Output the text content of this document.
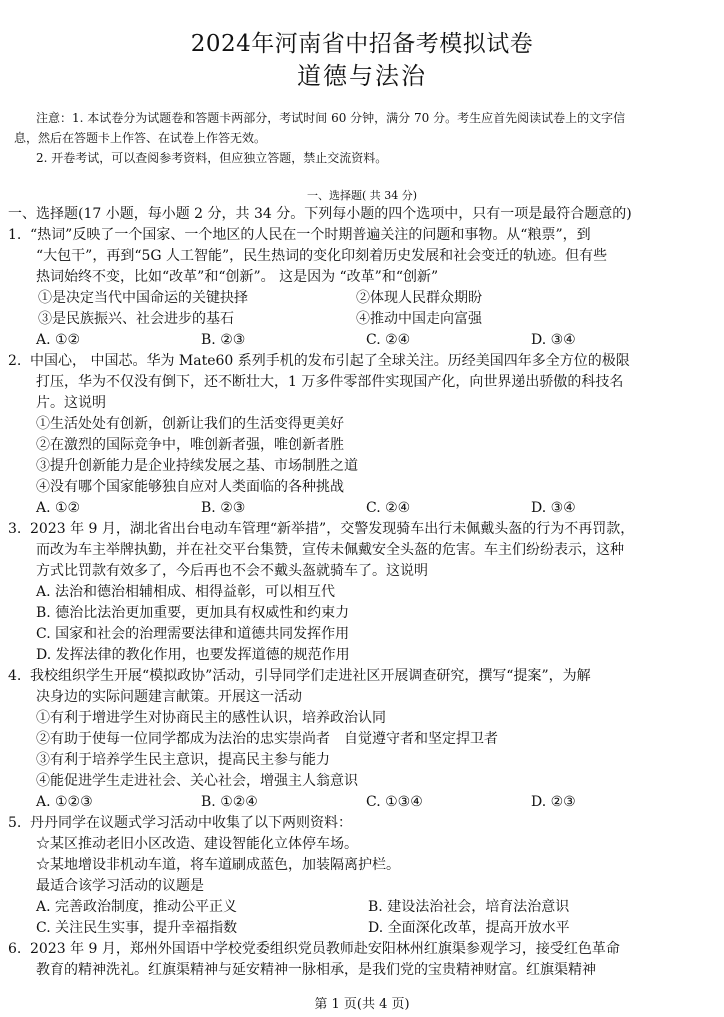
2024年河南省中招备考模拟试卷
道德与法治
注意：1. 本试卷分为试题卷和答题卡两部分，考试时间 60 分钟，满分 70 分。考生应首先阅读试卷上的文字信
息，然后在答题卡上作答、在试卷上作答无效。
2. 开卷考试，可以查阅参考资料，但应独立答题，禁止交流资料。
一、选择题( 共 34 分)
一、选择题(17 小题，每小题 2 分，共 34 分。下列每小题的四个选项中，只有一项是最符合题意的)
1. “热词”反映了一个国家、一个地区的人民在一个时期普遍关注的问题和事物。从“粮票”，到
“大包干”，再到“5G 人工智能”，民生热词的变化印刻着历史发展和社会变迁的轨迹。但有些
热词始终不变，比如“改革”和“创新”。 这是因为 “改革”和“创新”
①是决定当代中国命运的关键抉择	②体现人民群众期盼
③是民族振兴、社会进步的基石	④推动中国走向富强
A. ①②	B. ②③	C. ②④	D. ③④
2. 中国心， 中国芯。华为 Mate60 系列手机的发布引起了全球关注。历经美国四年多全方位的极限
打压，华为不仅没有倒下，还不断壮大，1 万多件零部件实现国产化，向世界递出骄傲的科技名
片。这说明
①生活处处有创新，创新让我们的生活变得更美好
②在激烈的国际竞争中，唯创新者强，唯创新者胜
③提升创新能力是企业持续发展之基、市场制胜之道
④没有哪个国家能够独自应对人类面临的各种挑战
A. ①②	B. ②③	C. ②④	D. ③④
3. 2023 年 9 月，湖北省出台电动车管理“新举措”，交警发现骑车出行未佩戴头盔的行为不再罚款，
而改为车主举牌执勤，并在社交平台集赞，宣传未佩戴安全头盔的危害。车主们纷纷表示，这种
方式比罚款有效多了，今后再也不会不戴头盔就骑车了。这说明
A. 法治和德治相辅相成、相得益彰，可以相互代
B. 德治比法治更加重要，更加具有权威性和约束力
C. 国家和社会的治理需要法律和道德共同发挥作用
D. 发挥法律的教化作用，也要发挥道德的规范作用
4. 我校组织学生开展“模拟政协”活动，引导同学们走进社区开展调查研究，撰写“提案”，为解
决身边的实际问题建言献策。开展这一活动
①有利于增进学生对协商民主的感性认识，培养政治认同
②有助于使每一位同学都成为法治的忠实崇尚者　自觉遵守者和坚定捍卫者
③有利于培养学生民主意识，提高民主参与能力
④能促进学生走进社会、关心社会，增强主人翁意识
A. ①②③	B. ①②④	C. ①③④	D. ②③
5. 丹丹同学在议题式学习活动中收集了以下两则资料：
☆某区推动老旧小区改造、建设智能化立体停车场。
☆某地增设非机动车道，将车道刷成蓝色，加装隔离护栏。
最适合该学习活动的议题是
A. 完善政治制度，推动公平正义	B. 建设法治社会，培育法治意识
C. 关注民生实事，提升幸福指数	D. 全面深化改革，提高开放水平
6. 2023 年 9 月，郑州外国语中学校党委组织党员教师赴安阳林州红旗渠参观学习，接受红色革命
教育的精神洗礼。红旗渠精神与延安精神一脉相承，是我们党的宝贵精神财富。红旗渠精神
第 1 页(共 4 页)
